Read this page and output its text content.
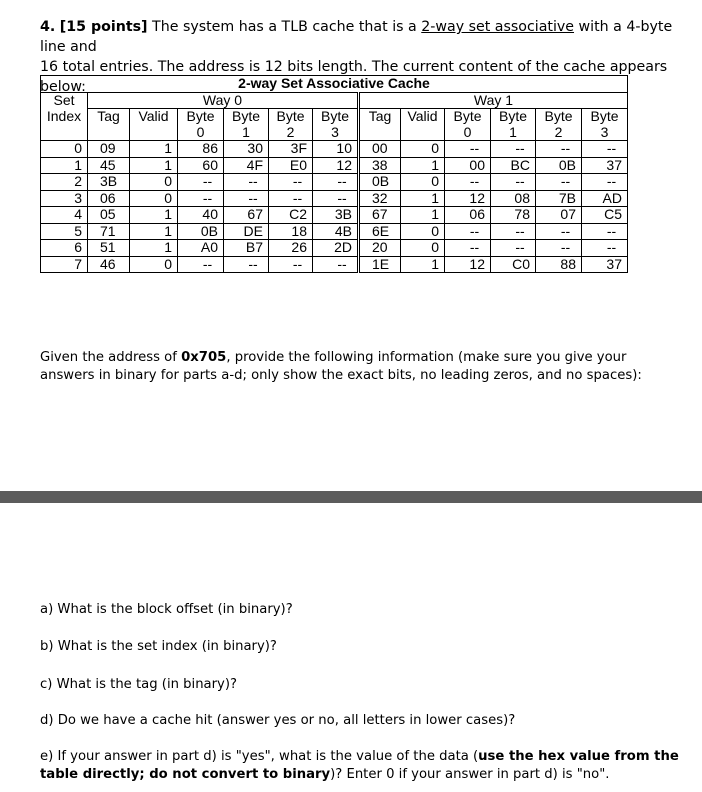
4. [15 points] The system has a TLB cache that is a 2-way set associative with a 4-byte line and
16 total entries. The address is 12 bits length. The current content of the cache appears below:	2-way Set Associative Cache												
Set	Way 0						Way 1					
Index	Tag	Valid	Byte	Byte	Byte	Byte	Tag	Valid	Byte	Byte	Byte	Byte
			0	1	2	3			0	1	2	3
0	09	1	86	30	3F	10	00	0	--	--	--	--
1	45	1	60	4F	E0	12	38	1	00	BC	0B	37
2	3B	0	--	--	--	--	0B	0	--	--	--	--
3	06	0	--	--	--	--	32	1	12	08	7B	AD
4	05	1	40	67	C2	3B	67	1	06	78	07	C5
5	71	1	0B	DE	18	4B	6E	0	--	--	--	--
6	51	1	A0	B7	26	2D	20	0	--	--	--	--
7	46	0	--	--	--	--	1E	1	12	C0	88	37
Given the address of 0x705, provide the following information (make sure you give your answers in binary for parts a-d; only show the exact bits, no leading zeros, and no spaces):
a) What is the block offset (in binary)?
b) What is the set index (in binary)?
c) What is the tag (in binary)?
d) Do we have a cache hit (answer yes or no, all letters in lower cases)?
e) If your answer in part d) is "yes", what is the value of the data (use the hex value from the table directly; do not convert to binary)? Enter 0 if your answer in part d) is "no".
